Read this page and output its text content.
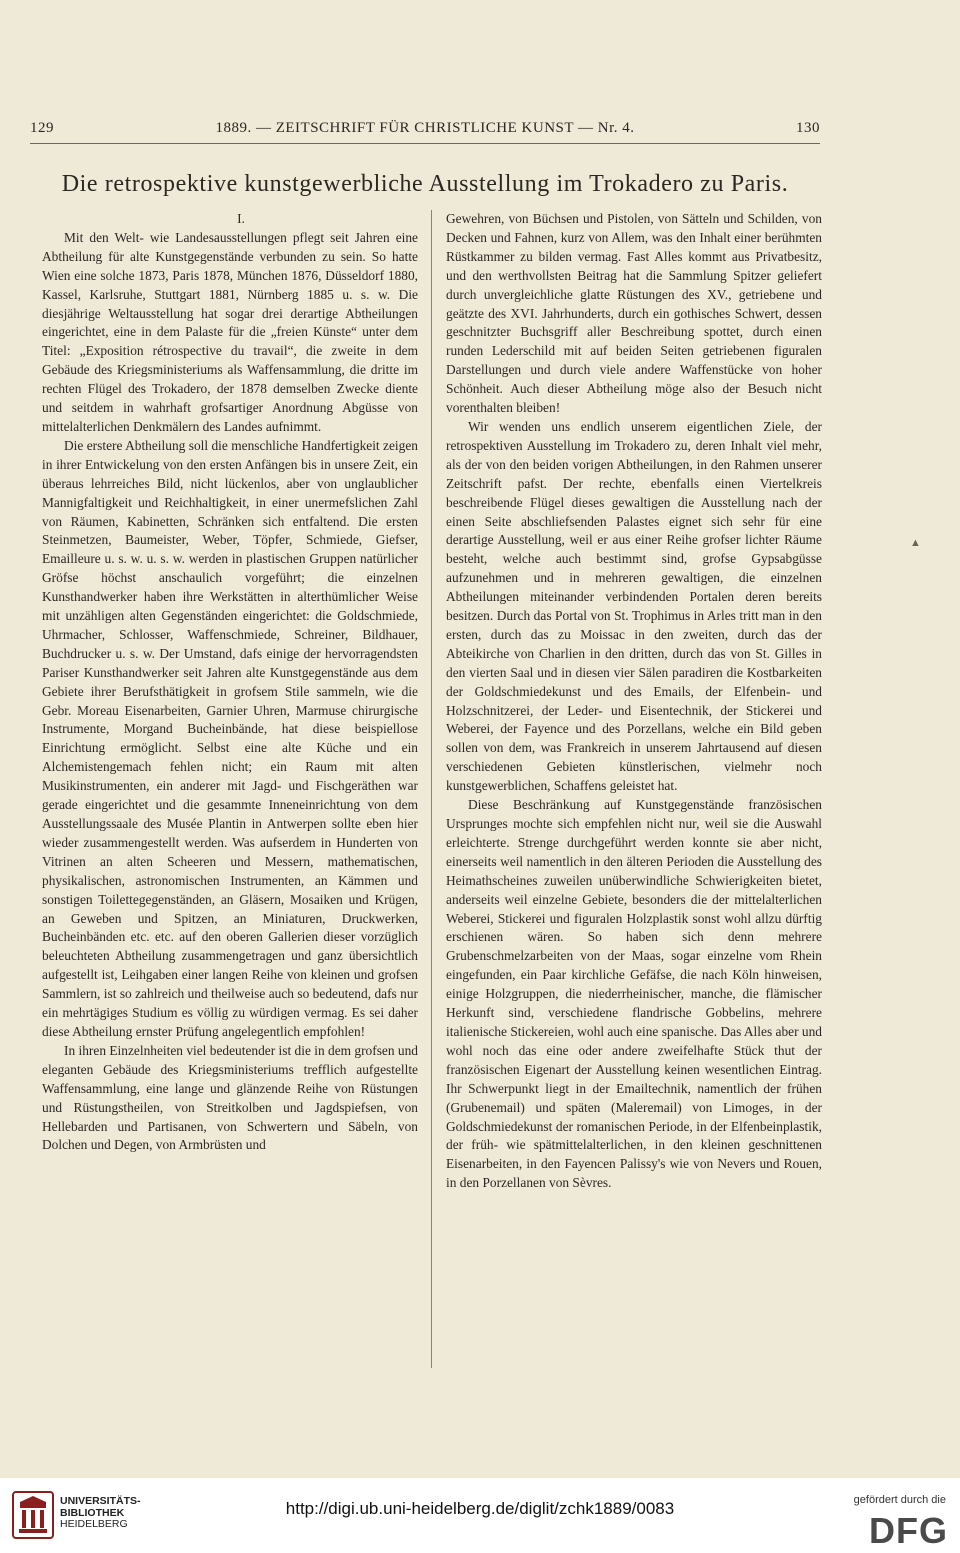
129	1889. — ZEITSCHRIFT FÜR CHRISTLICHE KUNST — Nr. 4.	130
Die retrospektive kunstgewerbliche Ausstellung im Trokadero zu Paris.

I.

Mit den Welt- wie Landesausstellungen pflegt seit Jahren eine Abtheilung für alte Kunstgegenstände verbunden zu sein. So hatte Wien eine solche 1873, Paris 1878, München 1876, Düsseldorf 1880, Kassel, Karlsruhe, Stuttgart 1881, Nürnberg 1885 u. s. w. Die diesjährige Weltausstellung hat sogar drei derartige Abtheilungen eingerichtet, eine in dem Palaste für die „freien Künste“ unter dem Titel: „Exposition rétrospective du travail“, die zweite in dem Gebäude des Kriegsministeriums als Waffensammlung, die dritte im rechten Flügel des Trokadero, der 1878 demselben Zwecke diente und seitdem in wahrhaft grofsartiger Anordnung Abgüsse von mittelalterlichen Denkmälern des Landes aufnimmt.

Die erstere Abtheilung soll die menschliche Handfertigkeit zeigen in ihrer Entwickelung von den ersten Anfängen bis in unsere Zeit, ein überaus lehrreiches Bild, nicht lückenlos, aber von unglaublicher Mannigfaltigkeit und Reichhaltigkeit, in einer unermefslichen Zahl von Räumen, Kabinetten, Schränken sich entfaltend. Die ersten Steinmetzen, Baumeister, Weber, Töpfer, Schmiede, Giefser, Emailleure u. s. w. u. s. w. werden in plastischen Gruppen natürlicher Gröfse höchst anschaulich vorgeführt; die einzelnen Kunsthandwerker haben ihre Werkstätten in alterthümlicher Weise mit unzähligen alten Gegenständen eingerichtet: die Goldschmiede, Uhrmacher, Schlosser, Waffenschmiede, Schreiner, Bildhauer, Buchdrucker u. s. w. Der Umstand, dafs einige der hervorragendsten Pariser Kunsthandwerker seit Jahren alte Kunstgegenstände aus dem Gebiete ihrer Berufsthätigkeit in grofsem Stile sammeln, wie die Gebr. Moreau Eisenarbeiten, Garnier Uhren, Marmuse chirurgische Instrumente, Morgand Bucheinbände, hat diese beispiellose Einrichtung ermöglicht. Selbst eine alte Küche und ein Alchemistengemach fehlen nicht; ein Raum mit alten Musikinstrumenten, ein anderer mit Jagd- und Fischgeräthen war gerade eingerichtet und die gesammte Inneneinrichtung von dem Ausstellungssaale des Musée Plantin in Antwerpen sollte eben hier wieder zusammengestellt werden. Was aufserdem in Hunderten von Vitrinen an alten Scheeren und Messern, mathematischen, physikalischen, astronomischen Instrumenten, an Kämmen und sonstigen Toilettegegenständen, an Gläsern, Mosaiken und Krügen, an Geweben und Spitzen, an Miniaturen, Druckwerken, Bucheinbänden etc. etc. auf den oberen Gallerien dieser vorzüglich beleuchteten Abtheilung zusammengetragen und ganz übersichtlich aufgestellt ist, Leihgaben einer langen Reihe von kleinen und grofsen Sammlern, ist so zahlreich und theilweise auch so bedeutend, dafs nur ein mehrtägiges Studium es völlig zu würdigen vermag. Es sei daher diese Abtheilung ernster Prüfung angelegentlich empfohlen!

In ihren Einzelnheiten viel bedeutender ist die in dem grofsen und eleganten Gebäude des Kriegsministeriums trefflich aufgestellte Waffensammlung, eine lange und glänzende Reihe von Rüstungen und Rüstungstheilen, von Streitkolben und Jagdspiefsen, von Hellebarden und Partisanen, von Schwertern und Säbeln, von Dolchen und Degen, von Armbrüsten und

Gewehren, von Büchsen und Pistolen, von Sätteln und Schilden, von Decken und Fahnen, kurz von Allem, was den Inhalt einer berühmten Rüstkammer zu bilden vermag. Fast Alles kommt aus Privatbesitz, und den werthvollsten Beitrag hat die Sammlung Spitzer geliefert durch unvergleichliche glatte Rüstungen des XV., getriebene und geätzte des XVI. Jahrhunderts, durch ein gothisches Schwert, dessen geschnitzter Buchsgriff aller Beschreibung spottet, durch einen runden Lederschild mit auf beiden Seiten getriebenen figuralen Darstellungen und durch viele andere Waffenstücke von hoher Schönheit. Auch dieser Abtheilung möge also der Besuch nicht vorenthalten bleiben!

Wir wenden uns endlich unserem eigentlichen Ziele, der retrospektiven Ausstellung im Trokadero zu, deren Inhalt viel mehr, als der von den beiden vorigen Abtheilungen, in den Rahmen unserer Zeitschrift pafst. Der rechte, ebenfalls einen Viertelkreis beschreibende Flügel dieses gewaltigen die Ausstellung nach der einen Seite abschliefsenden Palastes eignet sich sehr für eine derartige Ausstellung, weil er aus einer Reihe grofser lichter Räume besteht, welche auch bestimmt sind, grofse Gypsabgüsse aufzunehmen und in mehreren gewaltigen, die einzelnen Abtheilungen miteinander verbindenden Portalen deren bereits besitzen. Durch das Portal von St. Trophimus in Arles tritt man in den ersten, durch das zu Moissac in den zweiten, durch das der Abteikirche von Charlien in den dritten, durch das von St. Gilles in den vierten Saal und in diesen vier Sälen paradiren die Kostbarkeiten der Goldschmiedekunst und des Emails, der Elfenbein- und Holzschnitzerei, der Leder- und Eisentechnik, der Stickerei und Weberei, der Fayence und des Porzellans, welche ein Bild geben sollen von dem, was Frankreich in unserem Jahrtausend auf diesen verschiedenen Gebieten künstlerischen, vielmehr noch kunstgewerblichen, Schaffens geleistet hat.

Diese Beschränkung auf Kunstgegenstände französischen Ursprunges mochte sich empfehlen nicht nur, weil sie die Auswahl erleichterte. Strenge durchgeführt werden konnte sie aber nicht, einerseits weil namentlich in den älteren Perioden die Ausstellung des Heimathscheines zuweilen unüberwindliche Schwierigkeiten bietet, anderseits weil einzelne Gebiete, besonders die der mittelalterlichen Weberei, Stickerei und figuralen Holzplastik sonst wohl allzu dürftig erschienen wären. So haben sich denn mehrere Grubenschmelzarbeiten von der Maas, sogar einzelne vom Rhein eingefunden, ein Paar kirchliche Gefäfse, die nach Köln hinweisen, einige Holzgruppen, die niederrheinischer, manche, die flämischer Herkunft sind, verschiedene flandrische Gobbelins, mehrere italienische Stickereien, wohl auch eine spanische. Das Alles aber und wohl noch das eine oder andere zweifelhafte Stück thut der französischen Eigenart der Ausstellung keinen wesentlichen Eintrag. Ihr Schwerpunkt liegt in der Emailtechnik, namentlich der frühen (Grubenemail) und späten (Maleremail) von Limoges, in der Goldschmiedekunst der romanischen Periode, in der Elfenbeinplastik, der früh- wie spätmittelalterlichen, in den kleinen geschnittenen Eisenarbeiten, in den Fayencen Palissy's wie von Nevers und Rouen, in den Porzellanen von Sèvres.

▲
UNIVERSITÄTS-
BIBLIOTHEK
HEIDELBERG
http://digi.ub.uni-heidelberg.de/diglit/zchk1889/0083	gefördert durch die
DFG
